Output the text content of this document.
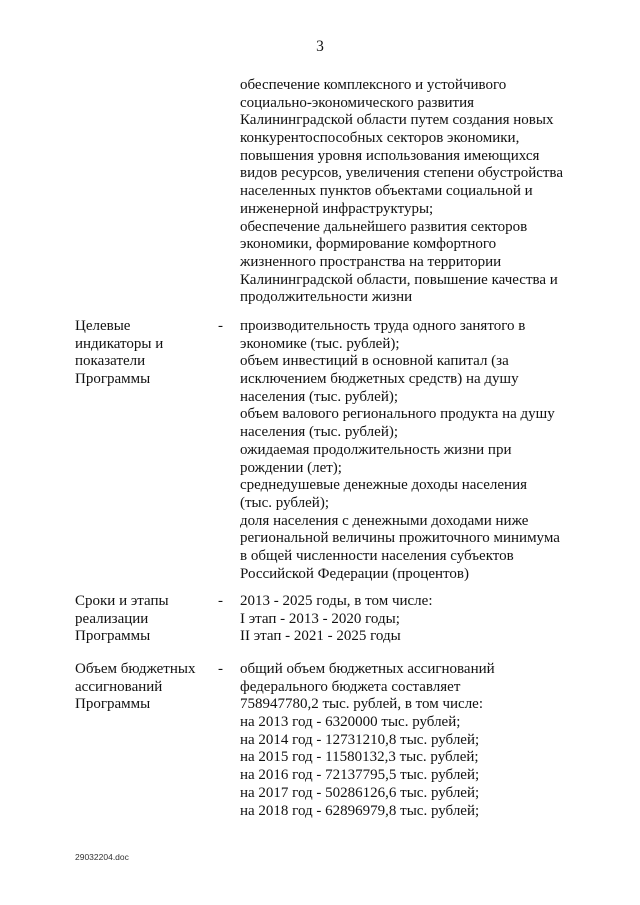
3
обеспечение комплексного и устойчивого
социально-экономического развития
Калининградской области путем создания новых
конкурентоспособных секторов экономики,
повышения уровня использования имеющихся
видов ресурсов, увеличения степени обустройства
населенных пунктов объектами социальной и
инженерной инфраструктуры;
обеспечение дальнейшего развития секторов
экономики, формирование комфортного
жизненного пространства на территории
Калининградской области, повышение качества и
продолжительности жизни
Целевые
индикаторы и
показатели
Программы
- производительность труда одного занятого в
экономике (тыс. рублей);
объем инвестиций в основной капитал (за
исключением бюджетных средств) на душу
населения (тыс. рублей);
объем валового регионального продукта на душу
населения (тыс. рублей);
ожидаемая продолжительность жизни при
рождении (лет);
среднедушевые денежные доходы населения
(тыс. рублей);
доля населения с денежными доходами ниже
региональной величины прожиточного минимума
в общей численности населения субъектов
Российской Федерации (процентов)
Сроки и этапы
реализации
Программы
- 2013 - 2025 годы, в том числе:
I этап - 2013 - 2020 годы;
II этап - 2021 - 2025 годы
Объем бюджетных
ассигнований
Программы
- общий объем бюджетных ассигнований
федерального бюджета составляет
758947780,2 тыс. рублей, в том числе:
на 2013 год - 6320000 тыс. рублей;
на 2014 год - 12731210,8 тыс. рублей;
на 2015 год - 11580132,3 тыс. рублей;
на 2016 год - 72137795,5 тыс. рублей;
на 2017 год - 50286126,6 тыс. рублей;
на 2018 год - 62896979,8 тыс. рублей;
29032204.doc
